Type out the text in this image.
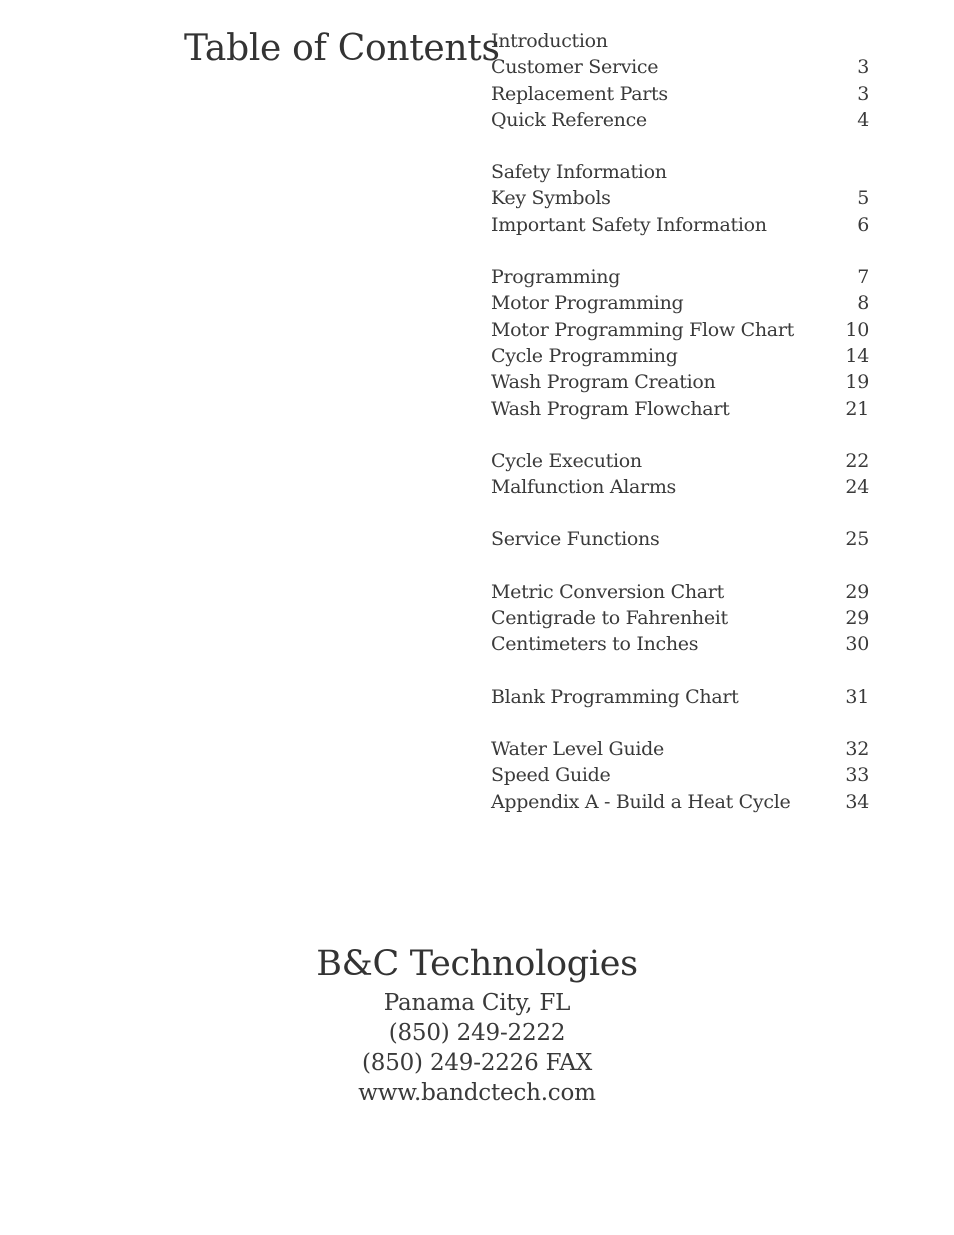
Table of Contents
Introduction
Customer Service	3
Replacement Parts	3
Quick Reference	4
Safety Information
Key Symbols	5
Important Safety Information	6
Programming	7
Motor Programming	8
Motor Programming Flow Chart	10
Cycle Programming	14
Wash Program Creation	19
Wash Program Flowchart	21
Cycle Execution	22
Malfunction Alarms	24
Service Functions	25
Metric Conversion Chart	29
Centigrade to Fahrenheit	29
Centimeters to Inches	30
Blank Programming Chart	31
Water Level Guide	32
Speed Guide	33
Appendix A - Build a Heat Cycle	34
B&C Technologies
Panama City, FL
(850) 249-2222
(850) 249-2226 FAX
www.bandctech.com
